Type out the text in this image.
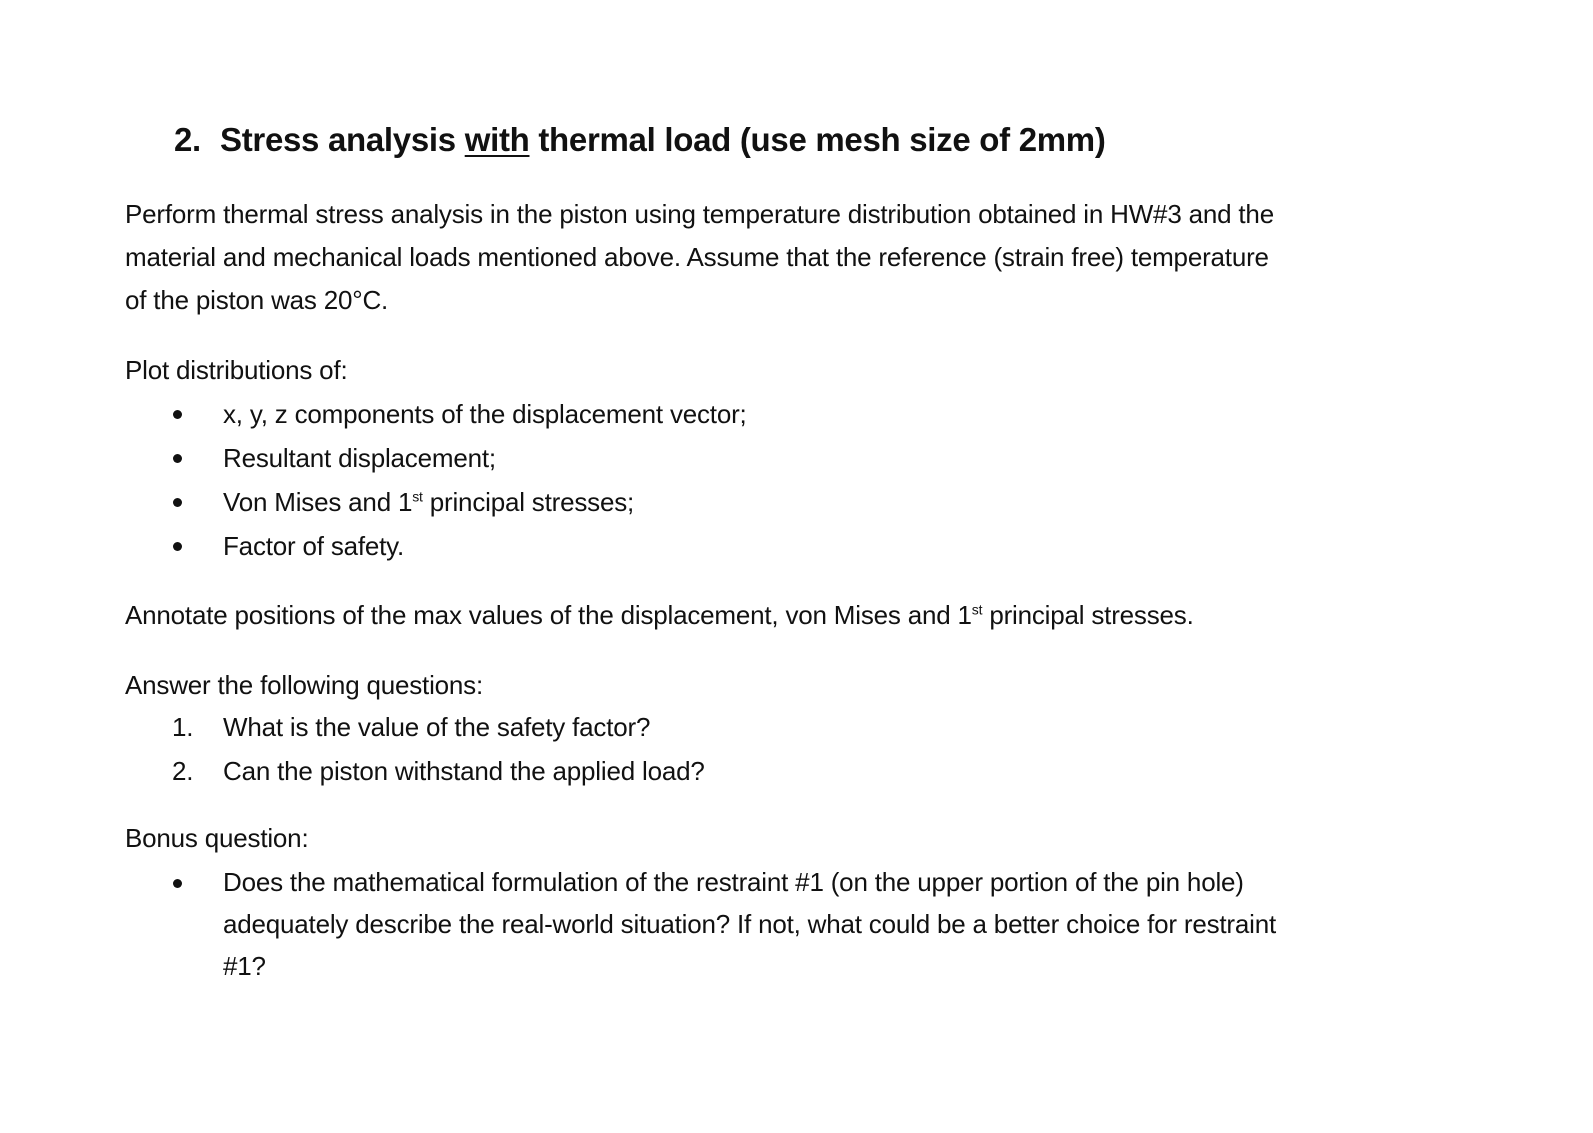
2. Stress analysis with thermal load (use mesh size of 2mm)
Perform thermal stress analysis in the piston using temperature distribution obtained in HW#3 and the
material and mechanical loads mentioned above. Assume that the reference (strain free) temperature
of the piston was 20°C.
Plot distributions of:
x, y, z components of the displacement vector;

Resultant displacement;

Von Mises and 1st principal stresses;

Factor of safety.

Annotate positions of the max values of the displacement, von Mises and 1st principal stresses.
Answer the following questions:
1. What is the value of the safety factor?

2. Can the piston withstand the applied load?

Bonus question:
Does the mathematical formulation of the restraint #1 (on the upper portion of the pin hole)
adequately describe the real-world situation? If not, what could be a better choice for restraint
#1?
